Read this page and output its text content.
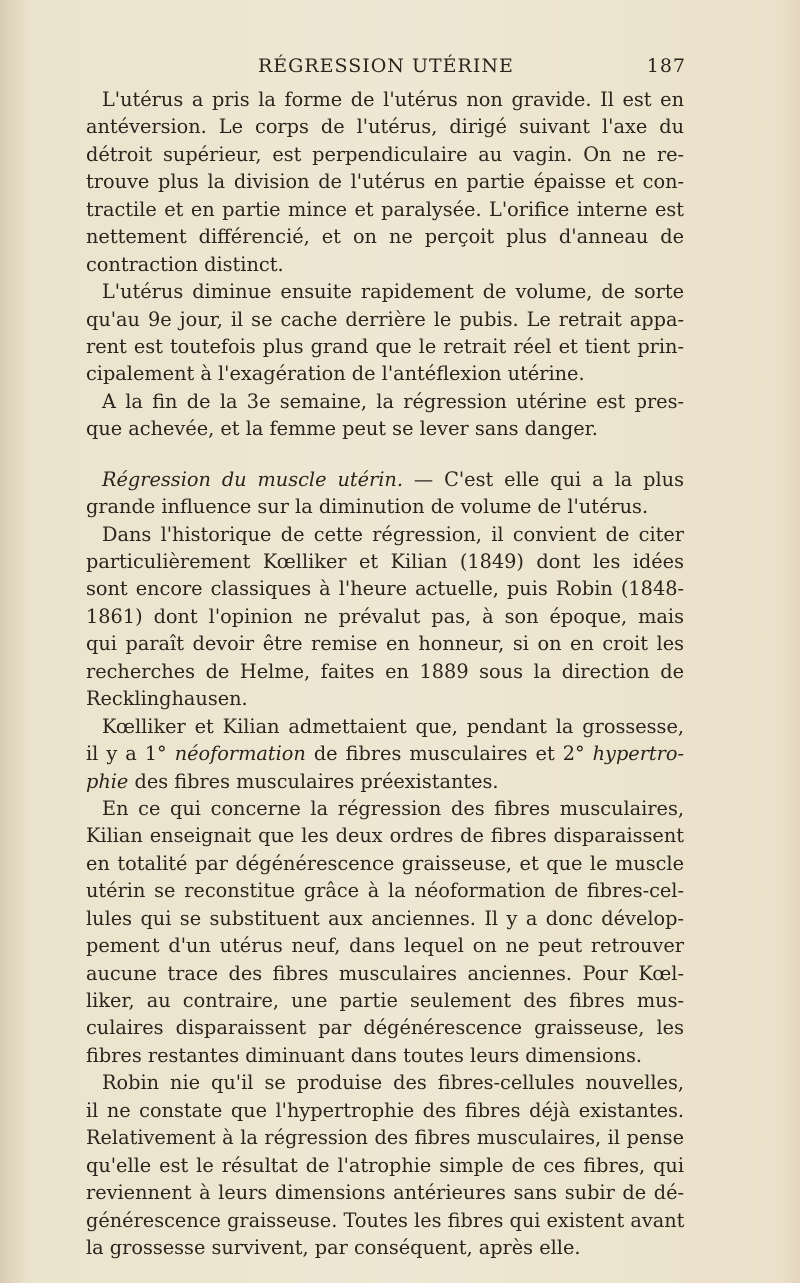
RÉGRESSION UTÉRINE	187
L'utérus a pris la forme de l'utérus non gravide. Il est en
antéversion. Le corps de l'utérus, dirigé suivant l'axe du
détroit supérieur, est perpendiculaire au vagin. On ne re-
trouve plus la division de l'utérus en partie épaisse et con-
tractile et en partie mince et paralysée. L'orifice interne est
nettement différencié, et on ne perçoit plus d'anneau de
contraction distinct.
L'utérus diminue ensuite rapidement de volume, de sorte
qu'au 9e jour, il se cache derrière le pubis. Le retrait appa-
rent est toutefois plus grand que le retrait réel et tient prin-
cipalement à l'exagération de l'antéflexion utérine.
A la fin de la 3e semaine, la régression utérine est pres-
que achevée, et la femme peut se lever sans danger.
Régression du muscle utérin. — C'est elle qui a la plus
grande influence sur la diminution de volume de l'utérus.
Dans l'historique de cette régression, il convient de citer
particulièrement Kœlliker et Kilian (1849) dont les idées
sont encore classiques à l'heure actuelle, puis Robin (1848-
1861) dont l'opinion ne prévalut pas, à son époque, mais
qui paraît devoir être remise en honneur, si on en croit les
recherches de Helme, faites en 1889 sous la direction de
Recklinghausen.
Kœlliker et Kilian admettaient que, pendant la grossesse,
il y a 1° néoformation de fibres musculaires et 2° hypertro-
phie des fibres musculaires préexistantes.
En ce qui concerne la régression des fibres musculaires,
Kilian enseignait que les deux ordres de fibres disparaissent
en totalité par dégénérescence graisseuse, et que le muscle
utérin se reconstitue grâce à la néoformation de fibres-cel-
lules qui se substituent aux anciennes. Il y a donc dévelop-
pement d'un utérus neuf, dans lequel on ne peut retrouver
aucune trace des fibres musculaires anciennes. Pour Kœl-
liker, au contraire, une partie seulement des fibres mus-
culaires disparaissent par dégénérescence graisseuse, les
fibres restantes diminuant dans toutes leurs dimensions.
Robin nie qu'il se produise des fibres-cellules nouvelles,
il ne constate que l'hypertrophie des fibres déjà existantes.
Relativement à la régression des fibres musculaires, il pense
qu'elle est le résultat de l'atrophie simple de ces fibres, qui
reviennent à leurs dimensions antérieures sans subir de dé-
générescence graisseuse. Toutes les fibres qui existent avant
la grossesse survivent, par conséquent, après elle.
